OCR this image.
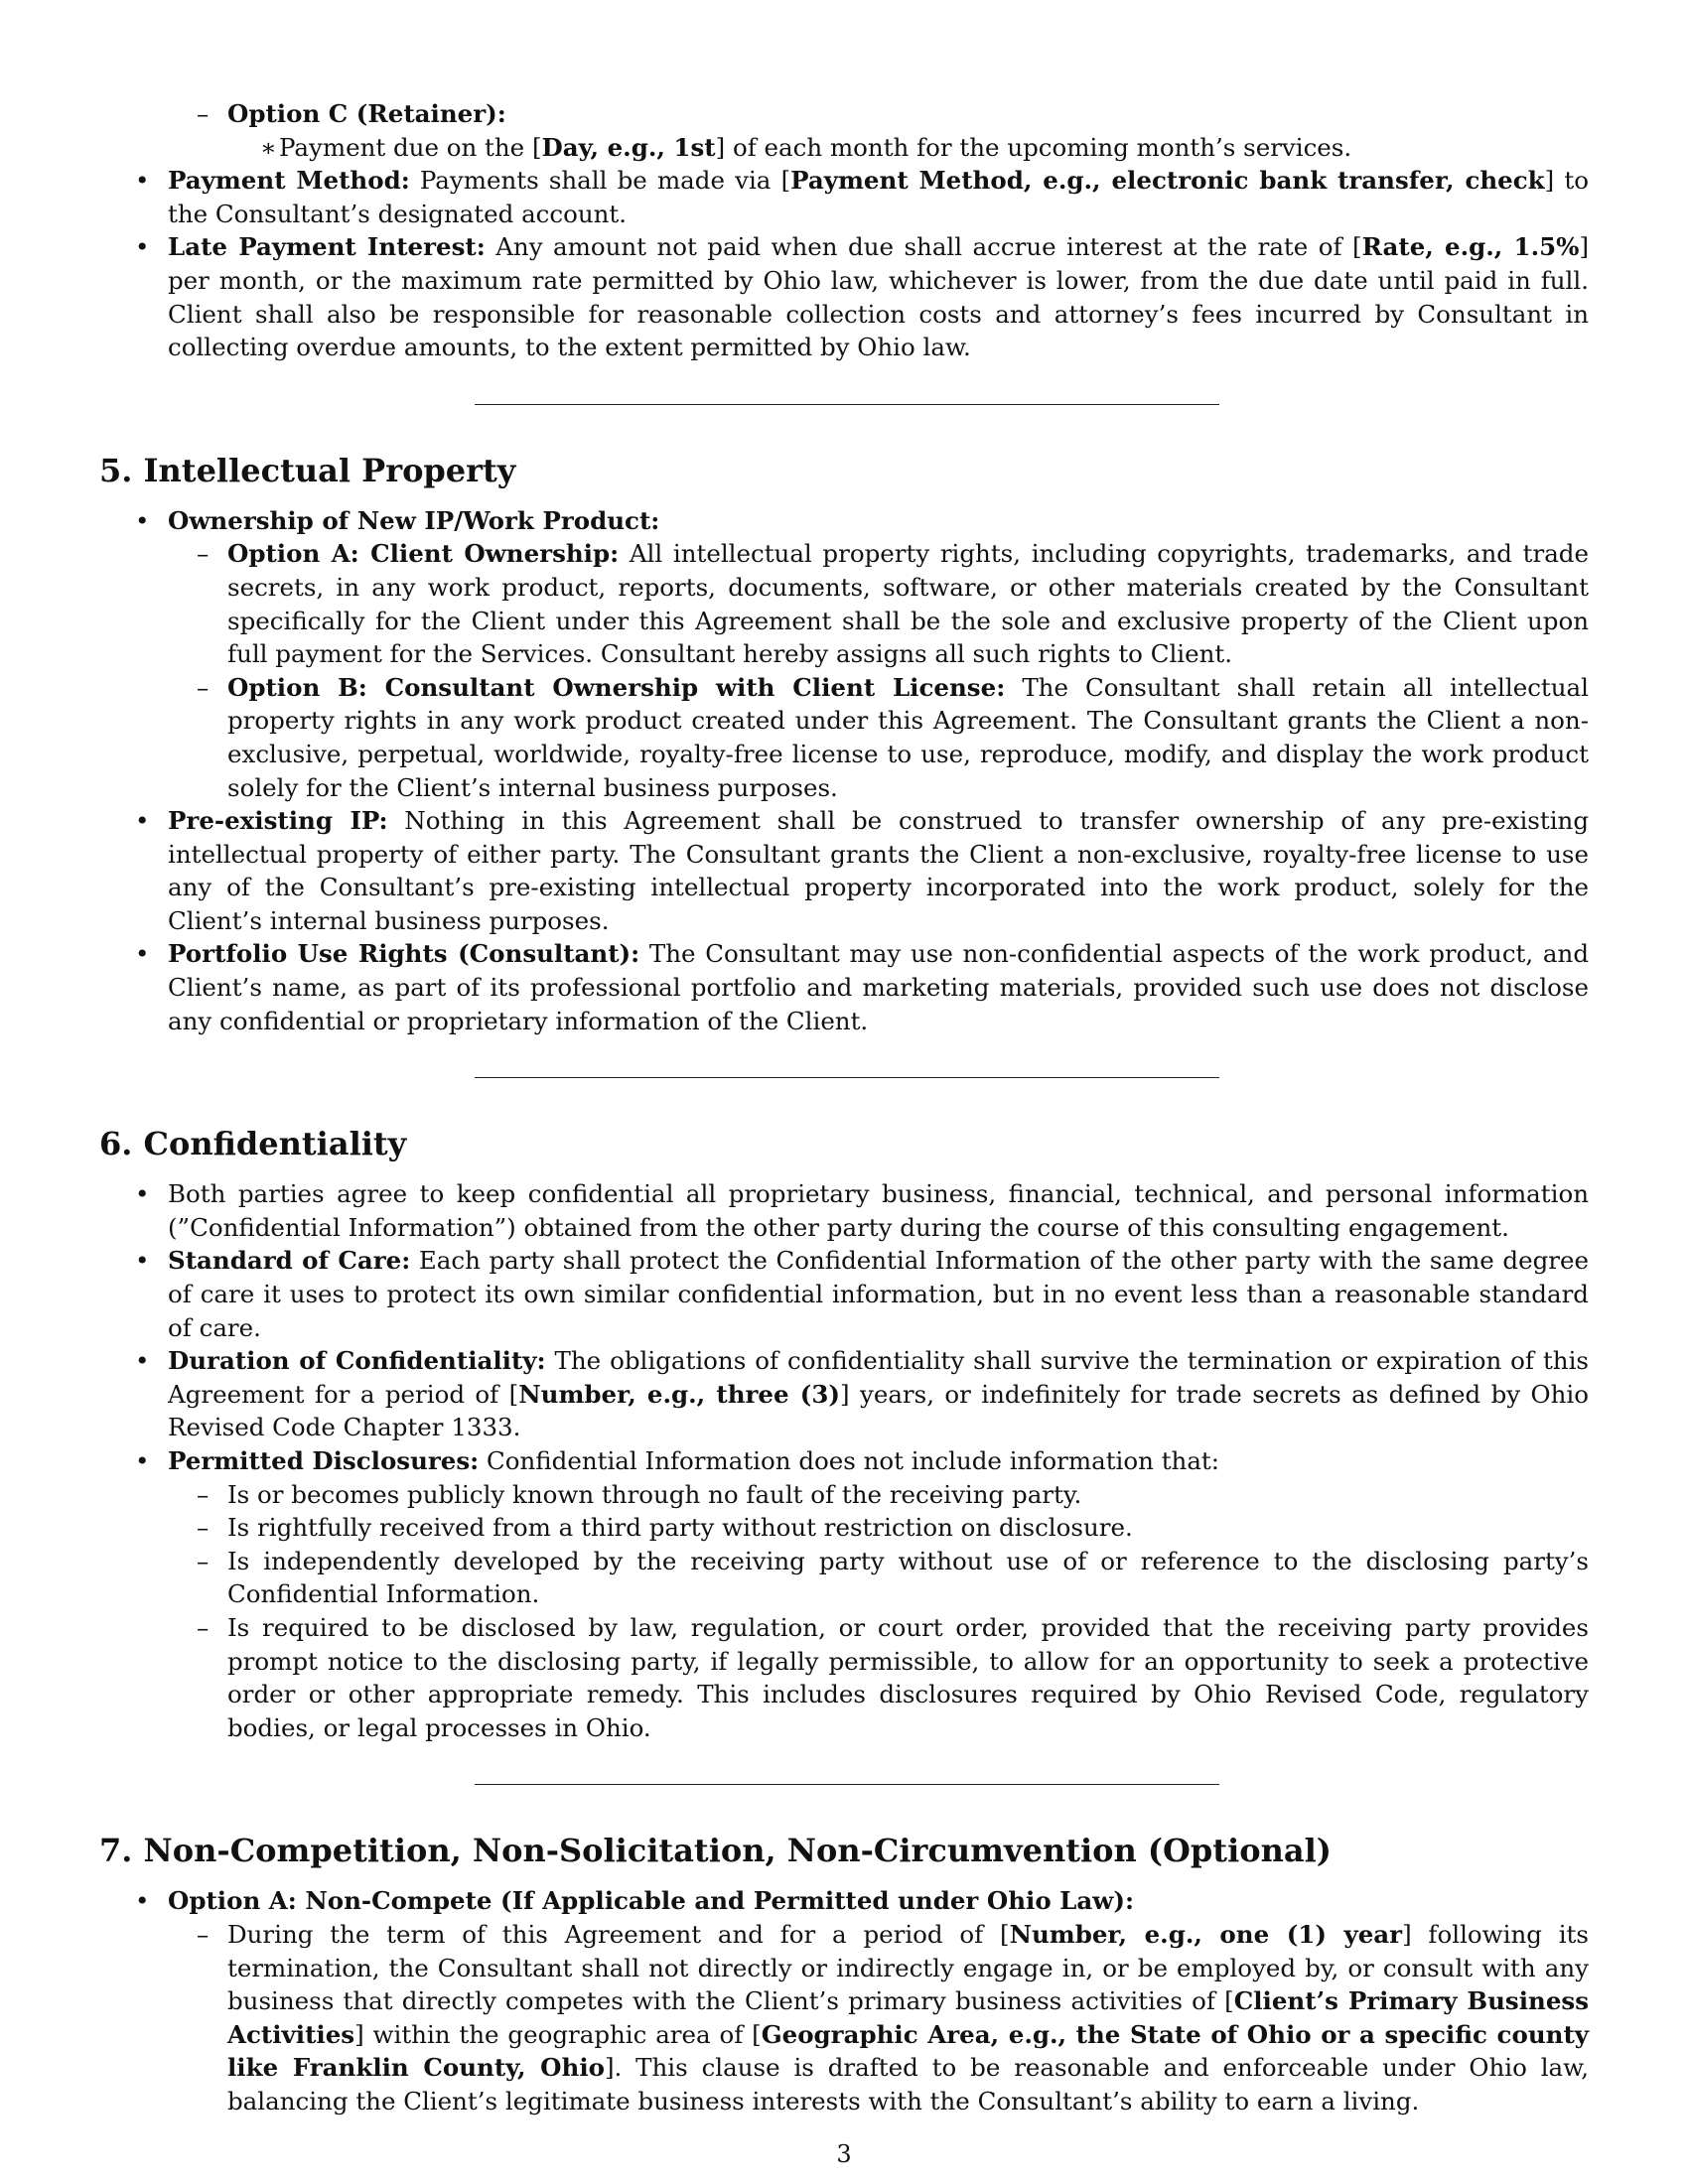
– Option C (Retainer):
∗ Payment due on the [Day, e.g., 1st] of each month for the upcoming month’s services.
• Payment Method: Payments shall be made via [Payment Method, e.g., electronic bank transfer, check] to the Consultant’s designated account.
• Late Payment Interest: Any amount not paid when due shall accrue interest at the rate of [Rate, e.g., 1.5%] per month, or the maximum rate permitted by Ohio law, whichever is lower, from the due date until paid in full. Client shall also be responsible for reasonable collection costs and attorney’s fees incurred by Consultant in collecting overdue amounts, to the extent permitted by Ohio law.
5. Intellectual Property
• Ownership of New IP/Work Product:
– Option A: Client Ownership: All intellectual property rights, including copyrights, trademarks, and trade secrets, in any work product, reports, documents, software, or other materials created by the Consultant specifically for the Client under this Agreement shall be the sole and exclusive property of the Client upon full payment for the Services. Consultant hereby assigns all such rights to Client.
– Option B: Consultant Ownership with Client License: The Consultant shall retain all intellectual property rights in any work product created under this Agreement. The Consultant grants the Client a non-exclusive, perpetual, worldwide, royalty-free license to use, reproduce, modify, and display the work product solely for the Client’s internal business purposes.
• Pre-existing IP: Nothing in this Agreement shall be construed to transfer ownership of any pre-existing intellectual property of either party. The Consultant grants the Client a non-exclusive, royalty-free license to use any of the Consultant’s pre-existing intellectual property incorporated into the work product, solely for the Client’s internal business purposes.
• Portfolio Use Rights (Consultant): The Consultant may use non-confidential aspects of the work product, and Client’s name, as part of its professional portfolio and marketing materials, provided such use does not disclose any confidential or proprietary information of the Client.
6. Confidentiality
• Both parties agree to keep confidential all proprietary business, financial, technical, and personal information (”Confidential Information”) obtained from the other party during the course of this consulting engagement.
• Standard of Care: Each party shall protect the Confidential Information of the other party with the same degree of care it uses to protect its own similar confidential information, but in no event less than a reasonable standard of care.
• Duration of Confidentiality: The obligations of confidentiality shall survive the termination or expiration of this Agreement for a period of [Number, e.g., three (3)] years, or indefinitely for trade secrets as defined by Ohio Revised Code Chapter 1333.
• Permitted Disclosures: Confidential Information does not include information that:
– Is or becomes publicly known through no fault of the receiving party.
– Is rightfully received from a third party without restriction on disclosure.
– Is independently developed by the receiving party without use of or reference to the disclosing party’s Confidential Information.
– Is required to be disclosed by law, regulation, or court order, provided that the receiving party provides prompt notice to the disclosing party, if legally permissible, to allow for an opportunity to seek a protective order or other appropriate remedy. This includes disclosures required by Ohio Revised Code, regulatory bodies, or legal processes in Ohio.
7. Non-Competition, Non-Solicitation, Non-Circumvention (Optional)
• Option A: Non-Compete (If Applicable and Permitted under Ohio Law):
– During the term of this Agreement and for a period of [Number, e.g., one (1) year] following its termination, the Consultant shall not directly or indirectly engage in, or be employed by, or consult with any business that directly competes with the Client’s primary business activities of [Client’s Primary Business Activities] within the geographic area of [Geographic Area, e.g., the State of Ohio or a specific county like Franklin County, Ohio]. This clause is drafted to be reasonable and enforceable under Ohio law, balancing the Client’s legitimate business interests with the Consultant’s ability to earn a living.
3
